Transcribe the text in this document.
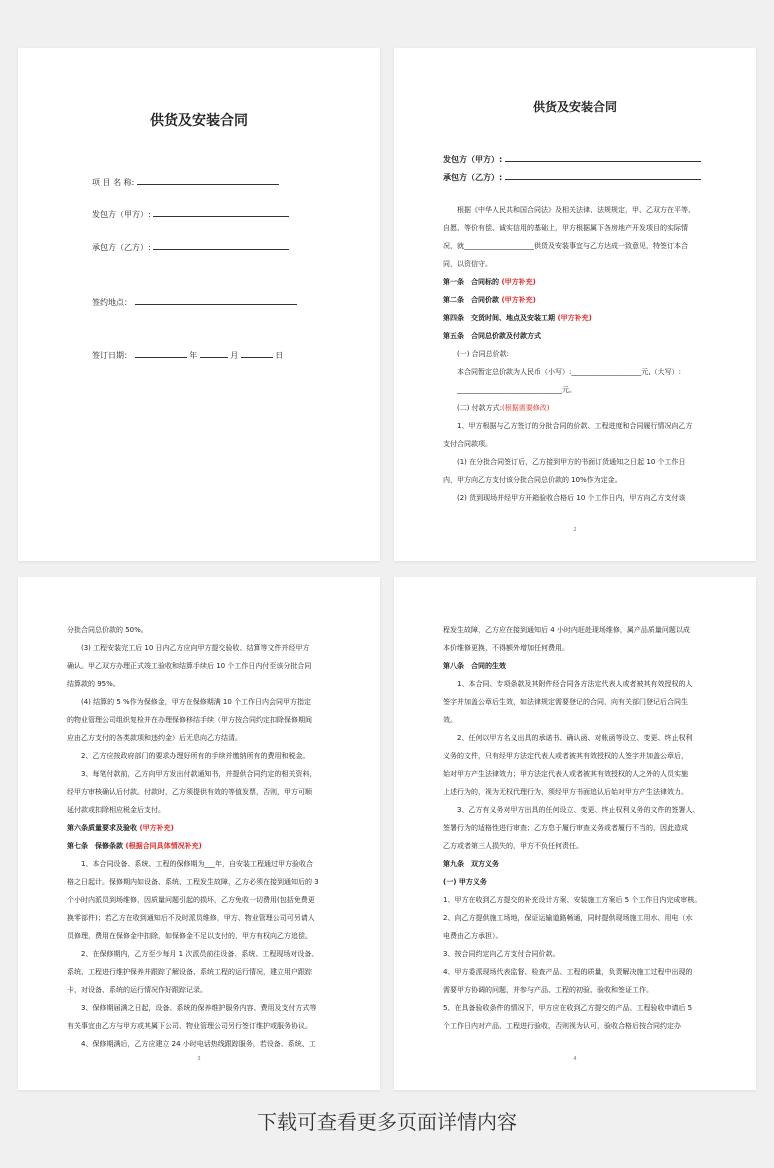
供货及安装合同
项 目 名 称:
发包方（甲方）:
承包方（乙方）:
签约地点：
签订日期：	年	月	日
供货及安装合同
发包方（甲方）:
承包方（乙方）:

根据《中华人民共和国合同法》及相关法律、法规规定，甲、乙双方在平等、

自愿、等价有偿、诚实信用的基础上，甲方根据属下各房地产开发项目的实际情

况，就____________________供货及安装事宜与乙方达成一致意见，特签订本合

同，以资信守。

第一条　合同标的 (甲方补充)

第二条　合同价款 (甲方补充)

第四条　交货时间、地点及安装工期 (甲方补充)

第五条　合同总价款及付款方式

(一) 合同总价款:

本合同暂定总价款为人民币（小写）:____________________元,（大写）:

______________________________元。

(二) 付款方式:(根据需要修改)

1、甲方根据与乙方签订的分批合同的价款、工程进度和合同履行情况向乙方

支付合同款项。

(1) 在分批合同签订后，乙方接到甲方的书面订货通知之日起 10 个工作日

内，甲方向乙方支付该分批合同总价款的 10%作为定金。

(2) 货到现场并经甲方开箱验收合格后 10 个工作日内，甲方向乙方支付该

2

分批合同总价款的 50%。

(3) 工程安装完工后 10 日内乙方应向甲方提交验收、结算等文件并经甲方

确认。甲乙双方办理正式竣工验收和结算手续后 10 个工作日内付至该分批合同

结算款的 95%。

(4) 结算的 5 %作为保修金，甲方在保修期满 10 个工作日内会同甲方指定

的物业管理公司组织复检并在办理保修移结手续（甲方按合同约定扣除保修期间

应由乙方支付的各类款项和违约金）后无息向乙方结清。

2、乙方应按政府部门的要求办理好所有的手续并缴纳所有的费用和税金。

3、每笔付款前，乙方向甲方发出付款通知书，并提供合同约定的相关资料，

经甲方审核确认后付款。付款时，乙方须提供有效的等值发票，否则，甲方可顺

延付款或扣除相应税金后支付。

第六条质量要求及验收 (甲方补充)

第七条　保修条款 (根据合同具体情况补充)

1、本合同设备、系统、工程的保修期为___年，自安装工程通过甲方验收合

格之日起计。保修期内如设备、系统、工程发生故障，乙方必须在接到通知后的 3

个小时内派员到场维修，因质量问题引起的损坏，乙方免收一切费用(包括免费更

换零部件)；若乙方在收到通知后不及时派员维修，甲方、物业管理公司可另请人

员修理，费用在保修金中扣除，如保修金不足以支付的，甲方有权向乙方追偿。

2、在保修期内，乙方至少每月 1 次派员前往设备、系统、工程现场对设备、

系统、工程进行维护保养并跟踪了解设备、系统工程的运行情况，建立用户跟踪

卡，对设备、系统的运行情况作好跟踪记录。

3、保修期届满之日起，设备、系统的保养维护服务内容、费用及支付方式等

有关事宜由乙方与甲方或其属下公司、物业管理公司另行签订维护或服务协议。

4、保修期满后，乙方应建立 24 小时电话热线跟踪服务，若设备、系统、工

3

程发生故障，乙方应在接到通知后 4 小时内赶赴现场维修，属产品质量问题以成

本价维修更换，不得额外增加任何费用。

第八条　合同的生效

1、本合同、专项条款及其附件经合同各方法定代表人或者被其有效授权的人

签字并加盖公章后生效，如法律规定需要登记的合同，向有关部门登记后合同生

效。

2、任何以甲方名义出具的承诺书、确认函、对帐函等设立、变更、终止权利

义务的文件，只有经甲方法定代表人或者被其有效授权的人签字并加盖公章后，

始对甲方产生法律效力；甲方法定代表人或者被其有效授权的人之外的人员实施

上述行为的，视为无权代理行为，须经甲方书面追认后始对甲方产生法律效力。

3、乙方有义务对甲方出具的任何设立、变更、终止权利义务的文件的签署人、

签署行为的适格性进行审查；乙方怠于履行审查义务或者履行不当的，因此造成

乙方或者第三人损失的，甲方不负任何责任。

第九条　双方义务

(一) 甲方义务

1、甲方在收到乙方提交的补充设计方案、安装施工方案后 5 个工作日内完成审核。

2、向乙方提供施工场地，保证运输道路畅通，同时提供现场施工用水、用电（水

电费由乙方承担）。

3、按合同约定向乙方支付合同价款。

4、甲方委派现场代表监督、检查产品、工程的质量，负责解决施工过程中出现的

需要甲方协调的问题，并参与产品、工程的初验、验收和签证工作。

5、在具备验收条件的情况下，甲方应在收到乙方提交的产品、工程验收申请后 5

个工作日内对产品、工程进行验收，否则视为认可，验收合格后按合同约定办

4
下载可查看更多页面详情内容
